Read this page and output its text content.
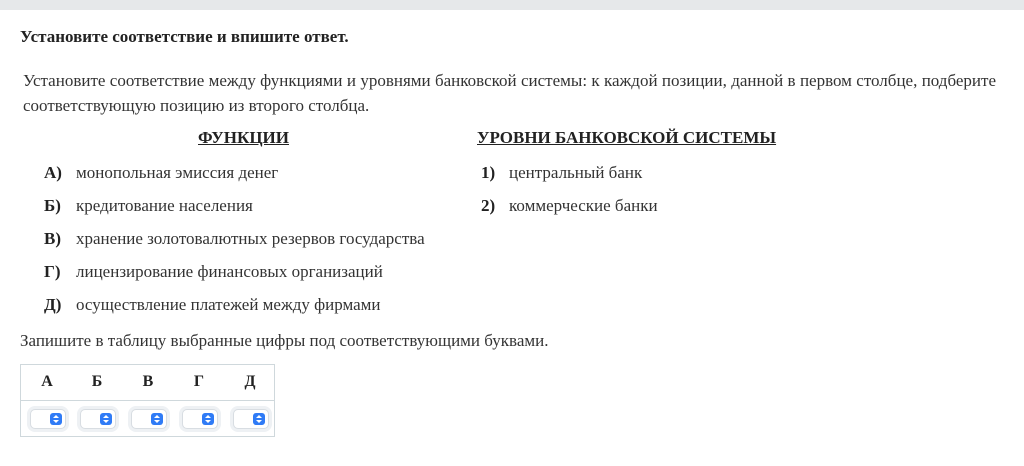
Установите соответствие и впишите ответ.
Установите соответствие между функциями и уровнями банковской системы: к каждой позиции, данной в первом столбце, подберите соответствующую позицию из второго столбца.
ФУНКЦИИ	УРОВНИ БАНКОВСКОЙ СИСТЕМЫ
А) монопольная эмиссия денег
Б) кредитование населения
В) хранение золотовалютных резервов государства
Г) лицензирование финансовых организаций
Д) осуществление платежей между фирмами
1) центральный банк
2) коммерческие банки
Запишите в таблицу выбранные цифры под соответствующими буквами.
А	Б	В	Г	Д
